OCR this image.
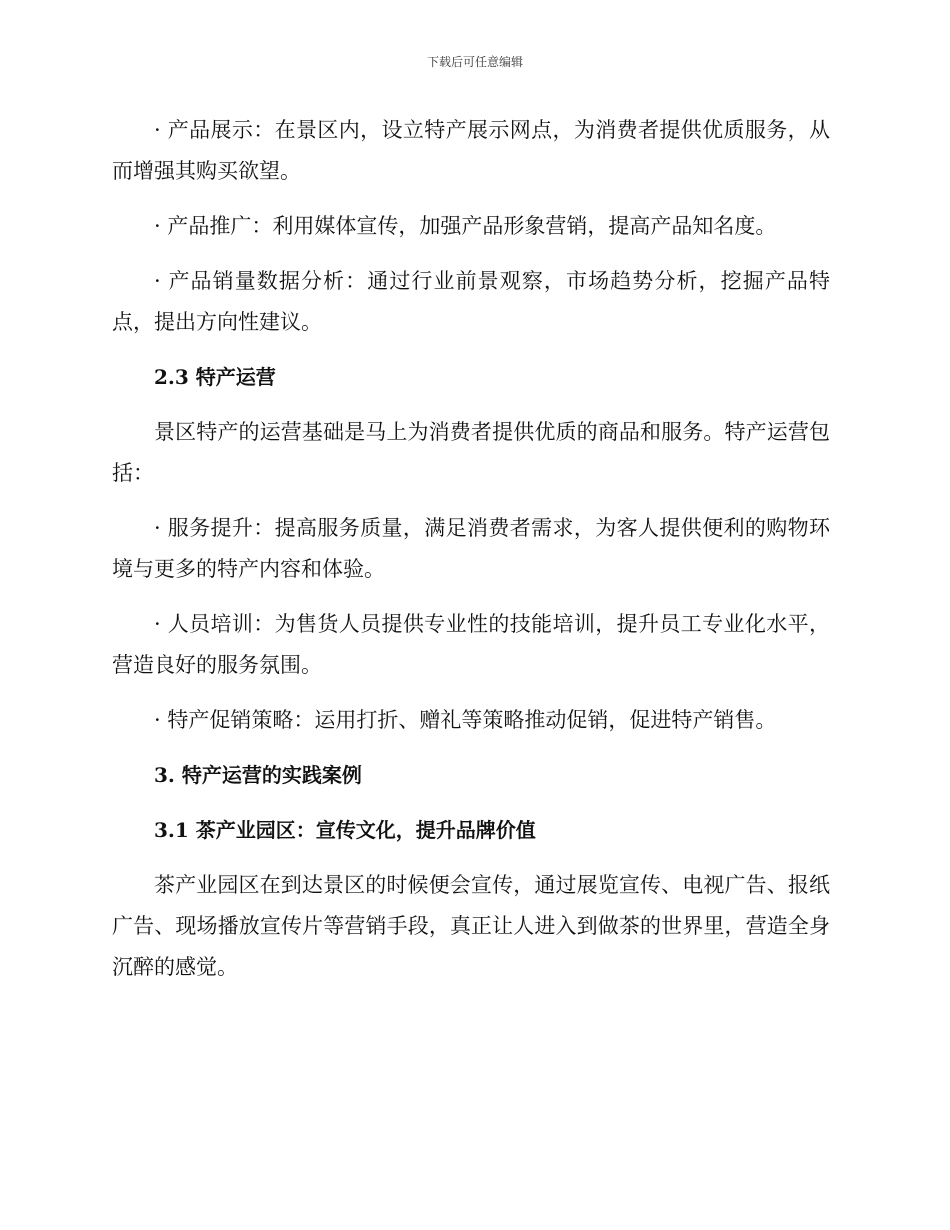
下载后可任意编辑

· 产品展示：在景区内，设立特产展示网点，为消费者提供优质服务，从而增强其购买欲望。

· 产品推广：利用媒体宣传，加强产品形象营销，提高产品知名度。

· 产品销量数据分析：通过行业前景观察，市场趋势分析，挖掘产品特点，提出方向性建议。

2.3 特产运营

景区特产的运营基础是马上为消费者提供优质的商品和服务。特产运营包括：

· 服务提升：提高服务质量，满足消费者需求，为客人提供便利的购物环境与更多的特产内容和体验。

· 人员培训：为售货人员提供专业性的技能培训，提升员工专业化水平，营造良好的服务氛围。

· 特产促销策略：运用打折、赠礼等策略推动促销，促进特产销售。

3. 特产运营的实践案例

3.1 茶产业园区：宣传文化，提升品牌价值

茶产业园区在到达景区的时候便会宣传，通过展览宣传、电视广告、报纸广告、现场播放宣传片等营销手段，真正让人进入到做茶的世界里，营造全身沉醉的感觉。
